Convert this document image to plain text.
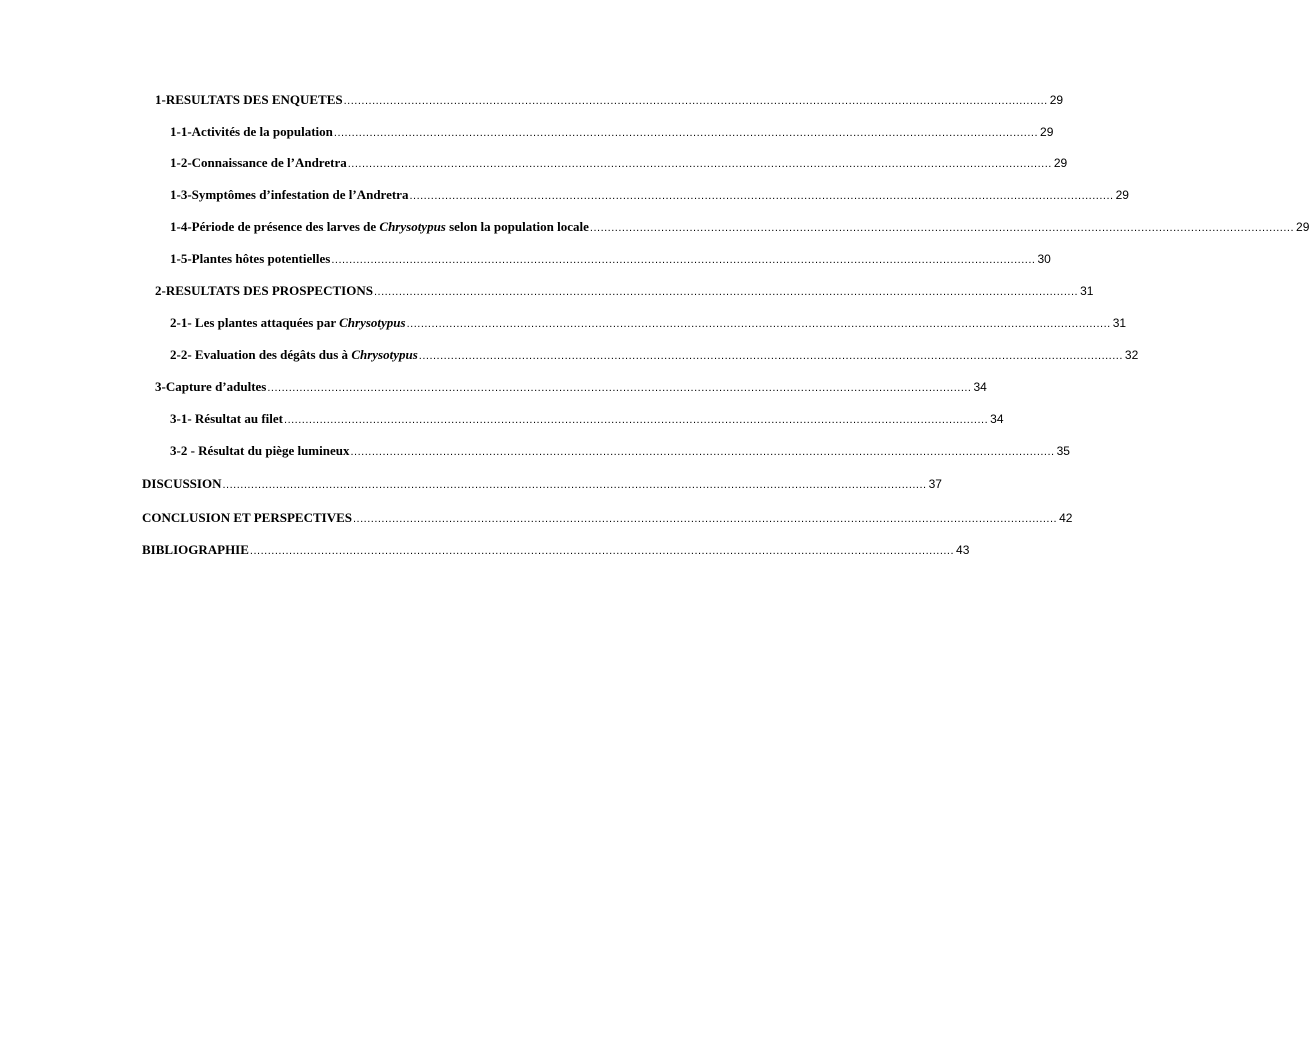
1- RESULTATS DES ENQUETES ...................................................................................................................................................................................................... 29
1-1- Activités de la population ...................................................................................................................................................................................................... 29
1-2- Connaissance de l’Andretra ...................................................................................................................................................................................................... 29
1-3- Symptômes d’infestation de l’Andretra ...................................................................................................................................................................................................... 29
1-4- Période de présence des larves de Chrysotypus selon la population locale ...................................................................................................................................................................................................... 29
1-5- Plantes hôtes potentielles ...................................................................................................................................................................................................... 30
2- RESULTATS DES PROSPECTIONS ...................................................................................................................................................................................................... 31
2-1- Les plantes attaquées par Chrysotypus ...................................................................................................................................................................................................... 31
2-2- Evaluation des dégâts dus à Chrysotypus ...................................................................................................................................................................................................... 32
3- Capture d’adultes ...................................................................................................................................................................................................... 34
3-1- Résultat au filet ...................................................................................................................................................................................................... 34
3-2 - Résultat du piège lumineux ...................................................................................................................................................................................................... 35
DISCUSSION ...................................................................................................................................................................................................... 37
CONCLUSION ET PERSPECTIVES ...................................................................................................................................................................................................... 42
BIBLIOGRAPHIE ...................................................................................................................................................................................................... 43
